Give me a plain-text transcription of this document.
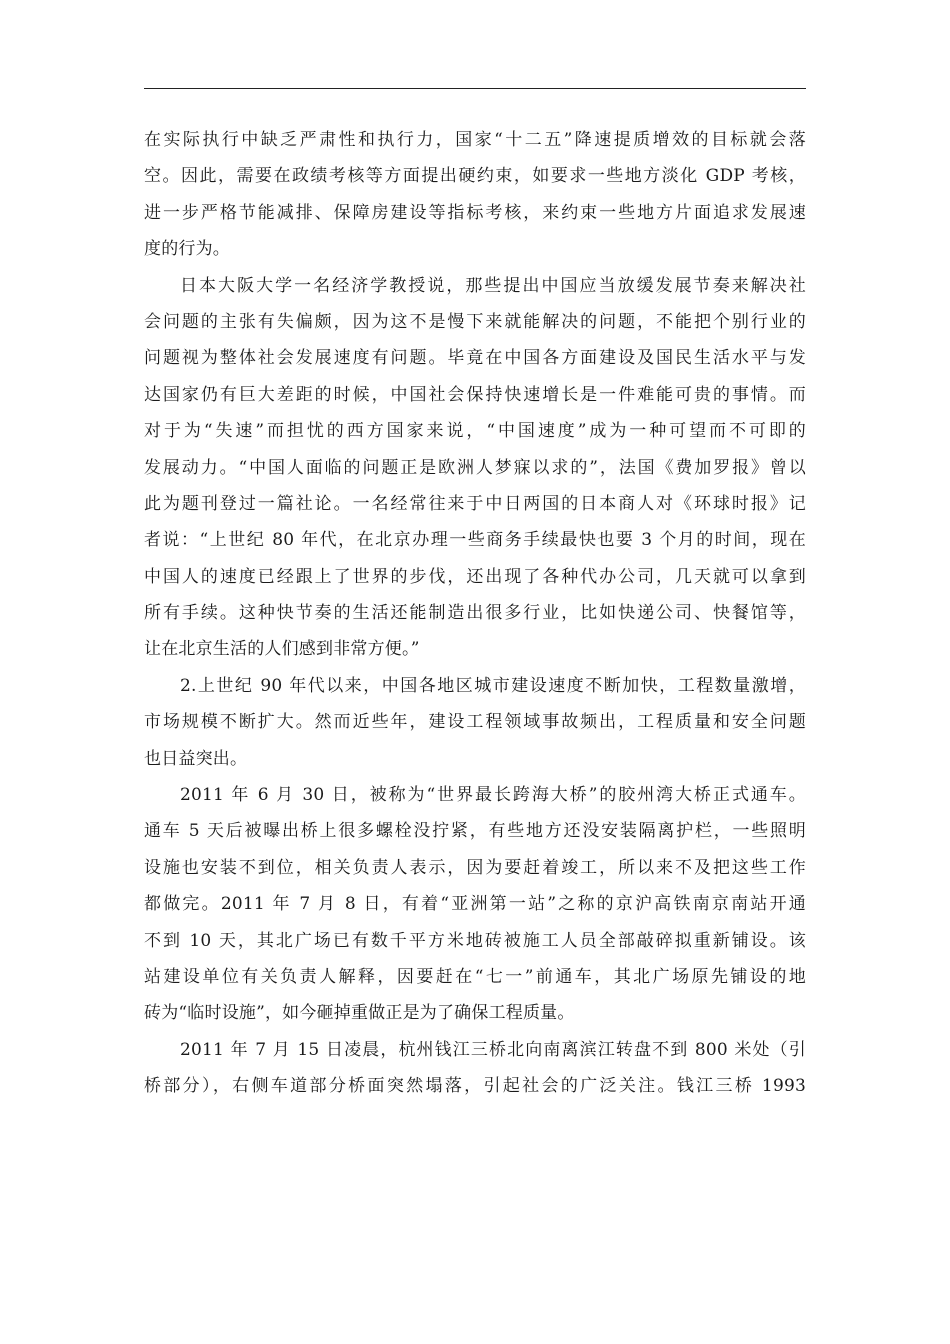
在实际执行中缺乏严肃性和执行力，国家“十二五”降速提质增效的目标就会落
空。因此，需要在政绩考核等方面提出硬约束，如要求一些地方淡化 GDP 考核，
进一步严格节能减排、保障房建设等指标考核，来约束一些地方片面追求发展速
度的行为。
日本大阪大学一名经济学教授说，那些提出中国应当放缓发展节奏来解决社
会问题的主张有失偏颇，因为这不是慢下来就能解决的问题，不能把个别行业的
问题视为整体社会发展速度有问题。毕竟在中国各方面建设及国民生活水平与发
达国家仍有巨大差距的时候，中国社会保持快速增长是一件难能可贵的事情。而
对于为“失速”而担忧的西方国家来说，“中国速度”成为一种可望而不可即的
发展动力。“中国人面临的问题正是欧洲人梦寐以求的”，法国《费加罗报》曾以
此为题刊登过一篇社论。一名经常往来于中日两国的日本商人对《环球时报》记
者说：“上世纪 80 年代，在北京办理一些商务手续最快也要 3 个月的时间，现在
中国人的速度已经跟上了世界的步伐，还出现了各种代办公司，几天就可以拿到
所有手续。这种快节奏的生活还能制造出很多行业，比如快递公司、快餐馆等，
让在北京生活的人们感到非常方便。”
2.上世纪 90 年代以来，中国各地区城市建设速度不断加快，工程数量激增，
市场规模不断扩大。然而近些年，建设工程领域事故频出，工程质量和安全问题
也日益突出。
2011 年 6 月 30 日，被称为“世界最长跨海大桥”的胶州湾大桥正式通车。
通车 5 天后被曝出桥上很多螺栓没拧紧，有些地方还没安装隔离护栏，一些照明
设施也安装不到位，相关负责人表示，因为要赶着竣工，所以来不及把这些工作
都做完。2011 年 7 月 8 日，有着“亚洲第一站”之称的京沪高铁南京南站开通
不到 10 天，其北广场已有数千平方米地砖被施工人员全部敲碎拟重新铺设。该
站建设单位有关负责人解释，因要赶在“七一”前通车，其北广场原先铺设的地
砖为“临时设施”，如今砸掉重做正是为了确保工程质量。
2011 年 7 月 15 日凌晨，杭州钱江三桥北向南离滨江转盘不到 800 米处（引
桥部分），右侧车道部分桥面突然塌落，引起社会的广泛关注。钱江三桥 1993
